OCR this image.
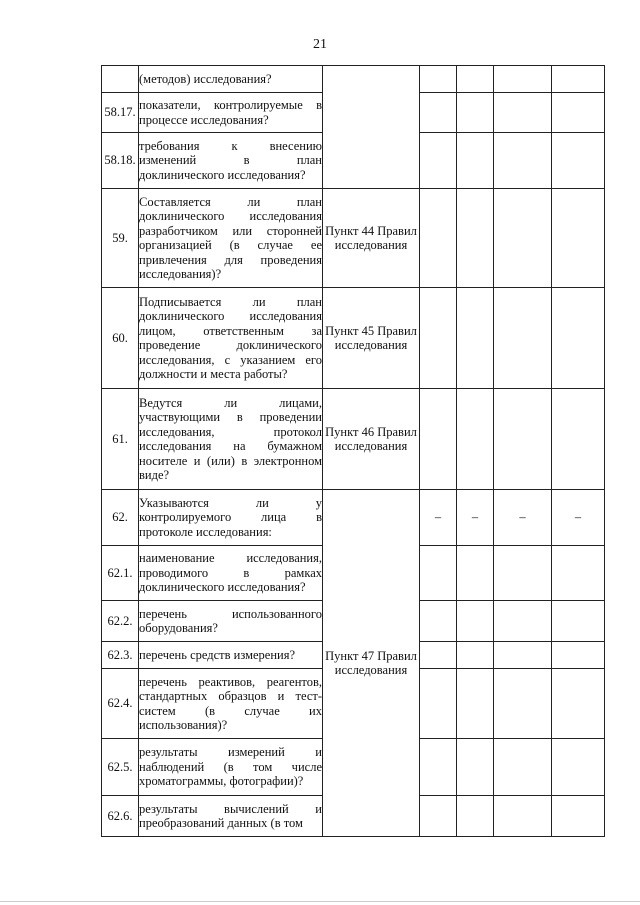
21
	(методов) исследования?					
58.17.	показатели, контролируемые в процессе исследования?					
58.18.	требования к внесению изменений в план доклинического исследования?					
59.	Составляется ли план доклинического исследования разработчиком или сторонней организацией (в случае ее привлечения для проведения исследования)?	Пункт 44 Правил исследования				
60.	Подписывается ли план доклинического исследования лицом, ответственным за проведение доклинического исследования, с указанием его должности и места работы?	Пункт 45 Правил исследования				
61.	Ведутся ли лицами, участвующими в проведении исследования, протокол исследования на бумажном носителе и (или) в электронном виде?	Пункт 46 Правил исследования				
62.	Указываются ли у контролируемого лица в протоколе исследования:	Пункт 47 Правил исследования	–	–	–	–
62.1.	наименование исследования, проводимого в рамках доклинического исследования?					
62.2.	перечень использованного оборудования?					
62.3.	перечень средств измерения?					
62.4.	перечень реактивов, реагентов, стандартных образцов и тест-систем (в случае их использования)?					
62.5.	результаты измерений и наблюдений (в том числе хроматограммы, фотографии)?					
62.6.	результаты вычислений и преобразований данных (в том					
